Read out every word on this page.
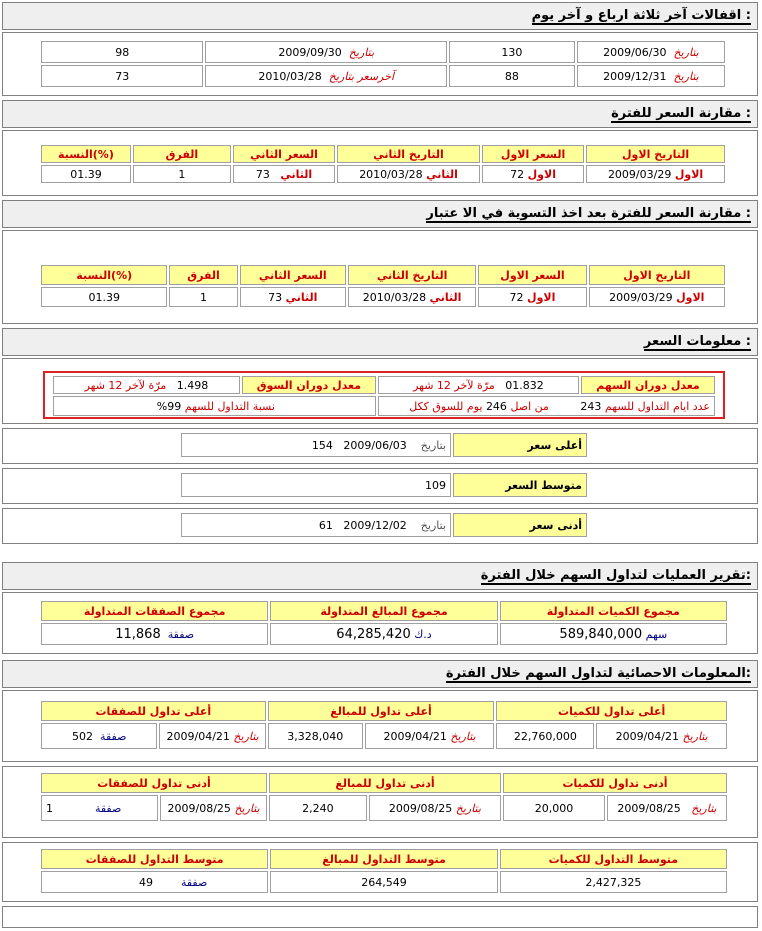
اقفالات آخر ثلاثة ارباع و آخر يوم :
بتاريخ  2009/06/30	130	بتاريخ  2009/09/30	98
بتاريخ  2009/12/31	88	آخرسعر بتاريخ  2010/03/28	73
مقارنة السعر للفترة :
التاريخ الاول	السعر الاول	التاريخ الثاني	السعر الثاني	الفرق	(%)النسبة
الاول 2009/03/29	الاول 72	الثاني 2010/03/28	الثاني   73	1	01.39
مقارنة السعر للفترة بعد اخذ التسوية في الا عتبار :
التاريخ الاول	السعر الاول	التاريخ الثاني	السعر الثاني	الفرق	(%)النسبة
الاول 2009/03/29	الاول 72	الثاني 2010/03/28	الثاني 73	1	01.39
معلومات السعر :
معدل دوران السهم	01.832   مرّة لآخر 12 شهر	معدل دوران السوق	1.498   مرّة لآخر 12 شهر
عدد ايام التداول للسهم 243         من اصل 246 يوم للسوق ككل		نسبة التداول للسهم 99%	
أعلى سعر	بتاريخ    2009/06/03   154
متوسط السعر	109
أدنى سعر	بتاريخ    2009/12/02   61
تقرير العمليات لتداول السهم خلال الفترة:
مجموع الكميات المتداولة	مجموع المبالغ المتداولة	مجموع الصفقات المتداولة
سهم 589,840,000	د.ك 64,285,420	صفقة  11,868
المعلومات الاحصائية لتداول السهم خلال الفترة:
أعلى تداول للكميات		أعلى تداول للمبالغ		أعلى تداول للصفقات	
بتاريخ 2009/04/21	22,760,000	بتاريخ 2009/04/21	3,328,040	بتاريخ 2009/04/21	صفقة  502
أدنى تداول للكميات		أدنى تداول للمبالغ		أدنى تداول للصفقات	
بتاريخ   2009/08/25	20,000	بتاريخ 2009/08/25	2,240	بتاريخ 2009/08/25	صفقة            1
متوسط التداول للكميات	متوسط التداول للمبالغ	متوسط التداول للصفقات
2,427,325	264,549	صفقة        49
